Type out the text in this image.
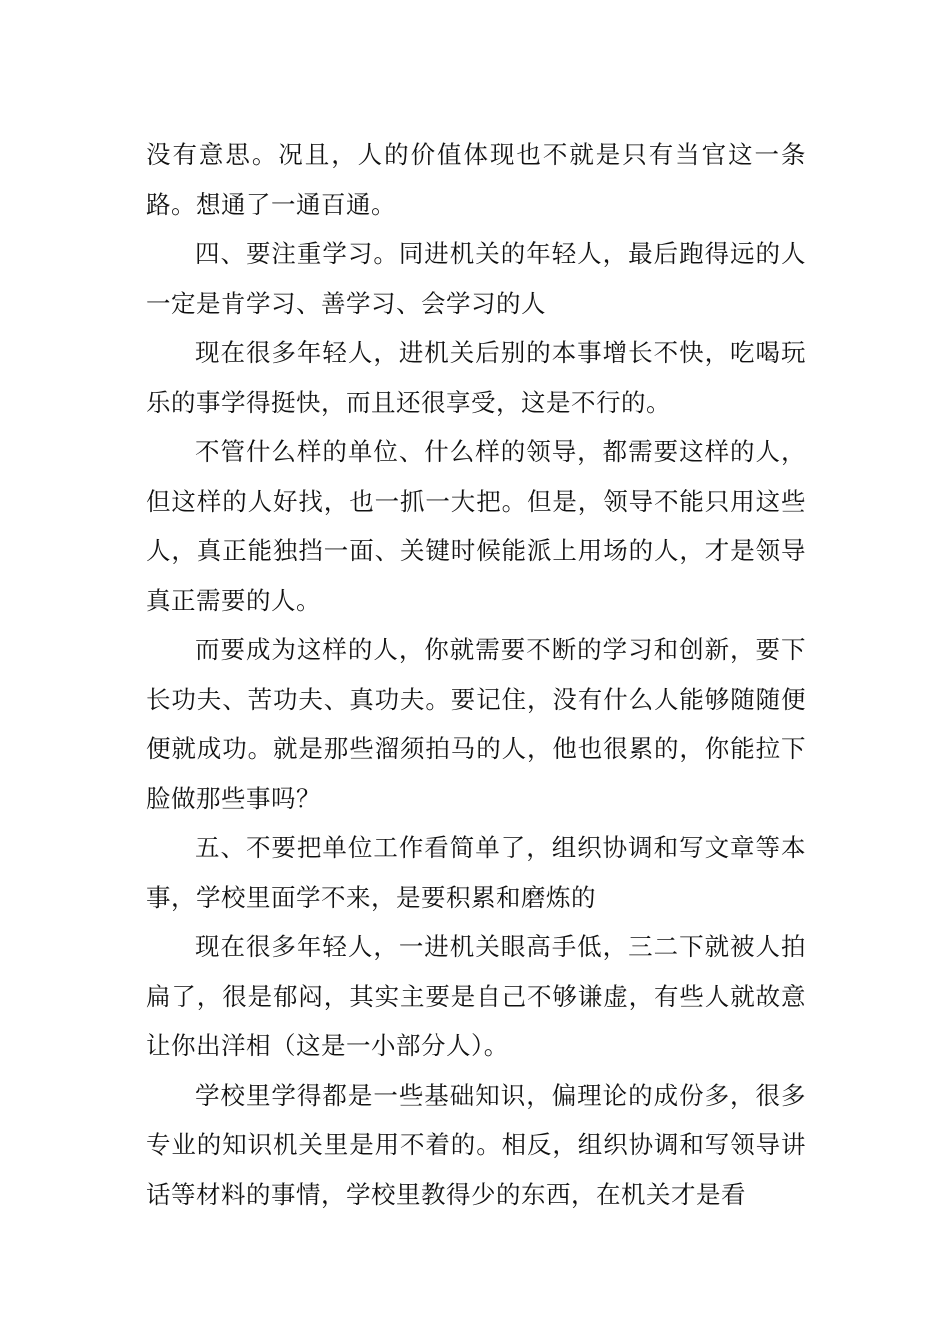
没有意思。况且，人的价值体现也不就是只有当官这一条路。想通了一通百通。

四、要注重学习。同进机关的年轻人，最后跑得远的人一定是肯学习、善学习、会学习的人

现在很多年轻人，进机关后别的本事增长不快，吃喝玩乐的事学得挺快，而且还很享受，这是不行的。

不管什么样的单位、什么样的领导，都需要这样的人，但这样的人好找，也一抓一大把。但是，领导不能只用这些人，真正能独挡一面、关键时候能派上用场的人，才是领导真正需要的人。

而要成为这样的人，你就需要不断的学习和创新，要下长功夫、苦功夫、真功夫。要记住，没有什么人能够随随便便就成功。就是那些溜须拍马的人，他也很累的，你能拉下脸做那些事吗？

五、不要把单位工作看简单了，组织协调和写文章等本事，学校里面学不来，是要积累和磨炼的

现在很多年轻人，一进机关眼高手低，三二下就被人拍扁了，很是郁闷，其实主要是自己不够谦虚，有些人就故意让你出洋相（这是一小部分人）。

学校里学得都是一些基础知识，偏理论的成份多，很多专业的知识机关里是用不着的。相反，组织协调和写领导讲话等材料的事情，学校里教得少的东西，在机关才是看
